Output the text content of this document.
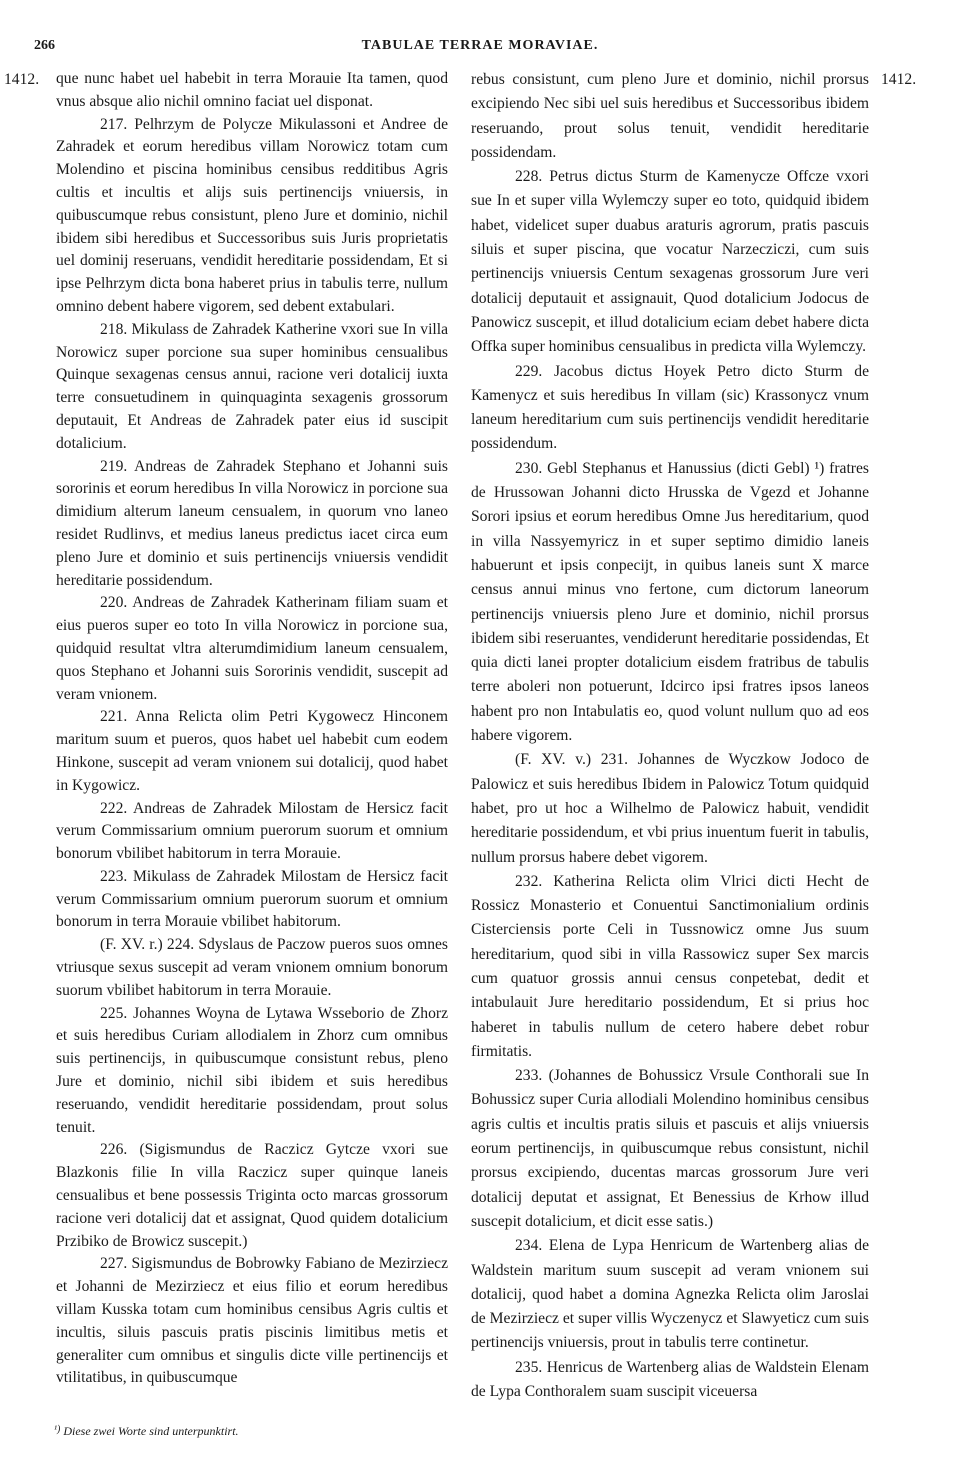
266	TABULAE TERRAE MORAVIAE.
1412.	1412.

que nunc habet uel habebit in terra Morauie Ita tamen, quod vnus absque alio nichil omnino faciat uel disponat.

217. Pelhrzym de Polycze Mikulassoni et Andree de Zahradek et eorum heredibus villam Norowicz totam cum Molendino et piscina hominibus censibus redditibus Agris cultis et incultis et alijs suis pertinencijs vniuersis, in quibuscumque rebus consistunt, pleno Jure et dominio, nichil ibidem sibi heredibus et Successoribus suis Juris proprietatis uel dominij reseruans, vendidit hereditarie possidendam, Et si ipse Pelhrzym dicta bona haberet prius in tabulis terre, nullum omnino debent habere vigorem, sed debent extabulari.

218. Mikulass de Zahradek Katherine vxori sue In villa Norowicz super porcione sua super hominibus censualibus Quinque sexagenas census annui, racione veri dotalicij iuxta terre consuetudinem in quinquaginta sexagenis grossorum deputauit, Et Andreas de Zahradek pater eius id suscipit dotalicium.

219. Andreas de Zahradek Stephano et Johanni suis sororinis et eorum heredibus In villa Norowicz in porcione sua dimidium alterum laneum censualem, in quorum vno laneo residet Rudlinvs, et medius laneus predictus iacet circa eum pleno Jure et dominio et suis pertinencijs vniuersis vendidit hereditarie possidendum.

220. Andreas de Zahradek Katherinam filiam suam et eius pueros super eo toto In villa Norowicz in porcione sua, quidquid resultat vltra alterumdimidium laneum censualem, quos Stephano et Johanni suis Sororinis vendidit, suscepit ad veram vnionem.

221. Anna Relicta olim Petri Kygowecz Hinconem maritum suum et pueros, quos habet uel habebit cum eodem Hinkone, suscepit ad veram vnionem sui dotalicij, quod habet in Kygowicz.

222. Andreas de Zahradek Milostam de Hersicz facit verum Commissarium omnium puerorum suorum et omnium bonorum vbilibet habitorum in terra Morauie.

223. Mikulass de Zahradek Milostam de Hersicz facit verum Commissarium omnium puerorum suorum et omnium bonorum in terra Morauie vbilibet habitorum.

(F. XV. r.) 224. Sdyslaus de Paczow pueros suos omnes vtriusque sexus suscepit ad veram vnionem omnium bonorum suorum vbilibet habitorum in terra Morauie.

225. Johannes Woyna de Lytawa Wsseborio de Zhorz et suis heredibus Curiam allodialem in Zhorz cum omnibus suis pertinencijs, in quibuscumque consistunt rebus, pleno Jure et dominio, nichil sibi ibidem et suis heredibus reseruando, vendidit hereditarie possidendam, prout solus tenuit.

226. (Sigismundus de Raczicz Gytcze vxori sue Blazkonis filie In villa Raczicz super quinque laneis censualibus et bene possessis Triginta octo marcas grossorum racione veri dotalicij dat et assignat, Quod quidem dotalicium Przibiko de Browicz suscepit.)

227. Sigismundus de Bobrowky Fabiano de Mezirziecz et Johanni de Mezirziecz et eius filio et eorum heredibus villam Kusska totam cum hominibus censibus Agris cultis et incultis, siluis pascuis pratis piscinis limitibus metis et generaliter cum omnibus et singulis dicte ville pertinencijs et vtilitatibus, in quibuscumque

rebus consistunt, cum pleno Jure et dominio, nichil prorsus excipiendo Nec sibi uel suis heredibus et Successoribus ibidem reseruando, prout solus tenuit, vendidit hereditarie possidendam.

228. Petrus dictus Sturm de Kamenycze Offcze vxori sue In et super villa Wylemczy super eo toto, quidquid ibidem habet, videlicet super duabus araturis agrorum, pratis pascuis siluis et super piscina, que vocatur Narzecziczi, cum suis pertinencijs vniuersis Centum sexagenas grossorum Jure veri dotalicij deputauit et assignauit, Quod dotalicium Jodocus de Panowicz suscepit, et illud dotalicium eciam debet habere dicta Offka super hominibus censualibus in predicta villa Wylemczy.

229. Jacobus dictus Hoyek Petro dicto Sturm de Kamenycz et suis heredibus In villam (sic) Krassonycz vnum laneum hereditarium cum suis pertinencijs vendidit hereditarie possidendum.

230. Gebl Stephanus et Hanussius (dicti Gebl) ¹) fratres de Hrussowan Johanni dicto Hrusska de Vgezd et Johanne Sorori ipsius et eorum heredibus Omne Jus hereditarium, quod in villa Nassyemyricz in et super septimo dimidio laneis habuerunt et ipsis conpecijt, in quibus laneis sunt X marce census annui minus vno fertone, cum dictorum laneorum pertinencijs vniuersis pleno Jure et dominio, nichil prorsus ibidem sibi reseruantes, vendiderunt hereditarie possidendas, Et quia dicti lanei propter dotalicium eisdem fratribus de tabulis terre aboleri non potuerunt, Idcirco ipsi fratres ipsos laneos habent pro non Intabulatis eo, quod volunt nullum quo ad eos habere vigorem.

(F. XV. v.) 231. Johannes de Wyczkow Jodoco de Palowicz et suis heredibus Ibidem in Palowicz Totum quidquid habet, pro ut hoc a Wilhelmo de Palowicz habuit, vendidit hereditarie possidendum, et vbi prius inuentum fuerit in tabulis, nullum prorsus habere debet vigorem.

232. Katherina Relicta olim Vlrici dicti Hecht de Rossicz Monasterio et Conuentui Sanctimonialium ordinis Cisterciensis porte Celi in Tussnowicz omne Jus suum hereditarium, quod sibi in villa Rassowicz super Sex marcis cum quatuor grossis annui census conpetebat, dedit et intabulauit Jure hereditario possidendum, Et si prius hoc haberet in tabulis nullum de cetero habere debet robur firmitatis.

233. (Johannes de Bohussicz Vrsule Conthorali sue In Bohussicz super Curia allodiali Molendino hominibus censibus agris cultis et incultis pratis siluis et pascuis et alijs vniuersis eorum pertinencijs, in quibuscumque rebus consistunt, nichil prorsus excipiendo, ducentas marcas grossorum Jure veri dotalicij deputat et assignat, Et Benessius de Krhow illud suscepit dotalicium, et dicit esse satis.)

234. Elena de Lypa Henricum de Wartenberg alias de Waldstein maritum suum suscepit ad veram vnionem sui dotalicij, quod habet a domina Agnezka Relicta olim Jaroslai de Mezirziecz et super villis Wyczenycz et Slawyeticz cum suis pertinencijs vniuersis, prout in tabulis terre continetur.

235. Henricus de Wartenberg alias de Waldstein Elenam de Lypa Conthoralem suam suscipit viceuersa

$^{^1)}$ Diese zwei Worte sind unterpunktirt.
